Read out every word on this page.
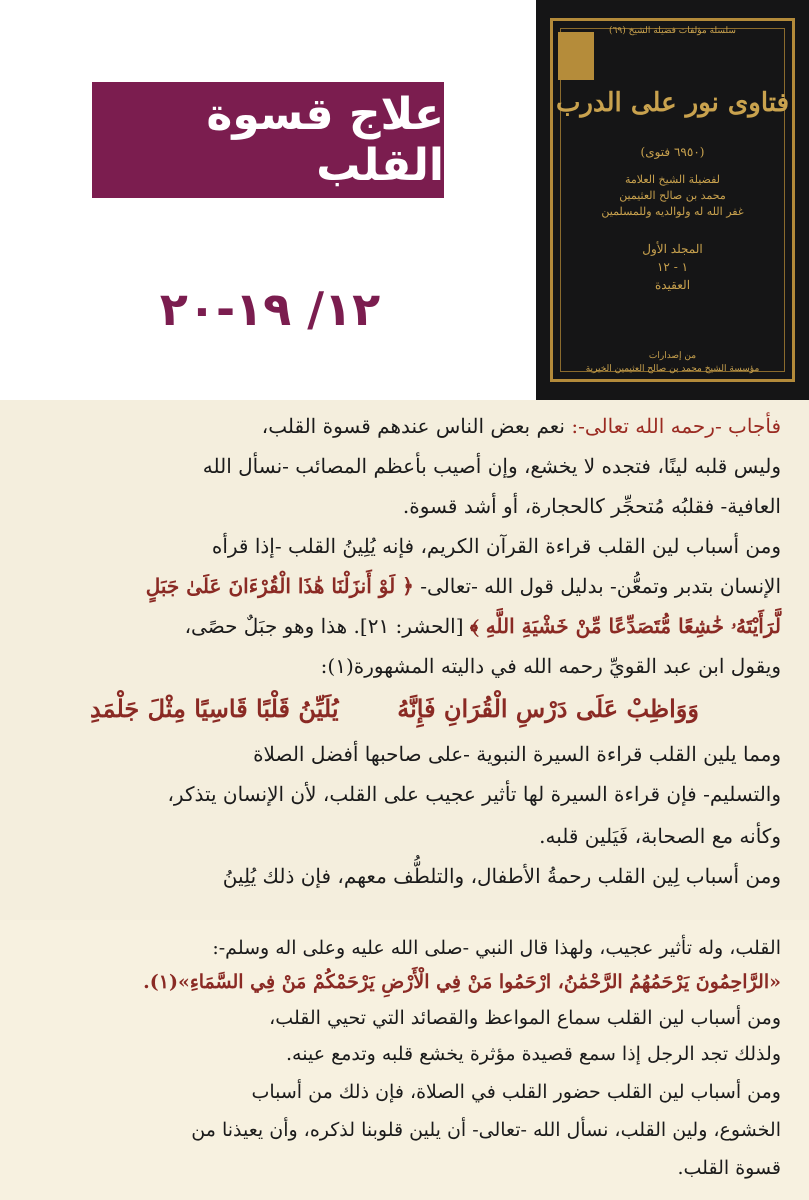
علاج قسوة القلب
١٢/ ١٩-٢٠
سلسلة مؤلفات فضيلة الشيخ (٦٩)
فتاوى نور على الدرب
(٦٩٥٠ فتوى)
لفضيلة الشيخ العلامة
محمد بن صالح العثيمين
غفر الله له ولوالديه وللمسلمين
المجلد الأول
١ - ١٢
العقيدة
من إصدارات
مؤسسة الشيخ محمد بن صالح العثيمين الخيرية
فأجاب -رحمه الله تعالى-: نعم بعض الناس عندهم قسوة القلب،
وليس قلبه لينًا، فتجده لا يخشع، وإن أصيب بأعظم المصائب -نسأل الله
العافية- فقلبُه مُتحجِّر كالحجارة، أو أشد قسوة.
ومن أسباب لين القلب قراءة القرآن الكريم، فإنه يُلِينُ القلب -إذا قرأه
الإنسان بتدبر وتمعُّن- بدليل قول الله -تعالى- ﴿ لَوْ أَنزَلْنَا هَٰذَا الْقُرْءَانَ عَلَىٰ جَبَلٍ
لَّرَأَيْتَهُۥ خَٰشِعًا مُّتَصَدِّعًا مِّنْ خَشْيَةِ اللَّهِ ﴾ [الحشر: ٢١]. هذا وهو جبَلٌ حصًى،
ويقول ابن عبد القويِّ رحمه الله في داليته المشهورة(١):
وَوَاظِبْ عَلَى دَرْسِ الْقُرَانِ فَإِنَّهُ
يُلَيِّنُ قَلْبًا قَاسِيًا مِثْلَ جَلْمَدِ
ومما يلين القلب قراءة السيرة النبوية -على صاحبها أفضل الصلاة
والتسليم- فإن قراءة السيرة لها تأثير عجيب على القلب، لأن الإنسان يتذكر،
وكأنه مع الصحابة، فَيَلين قلبه.
ومن أسباب لِين القلب رحمةُ الأطفال، والتلطُّف معهم، فإن ذلك يُلِينُ
القلب، وله تأثير عجيب، ولهذا قال النبي -صلى الله عليه وعلى اله وسلم-:
«الرَّاحِمُونَ يَرْحَمُهُمُ الرَّحْمَٰنُ، ارْحَمُوا مَنْ فِي الْأَرْضِ يَرْحَمْكُمْ مَنْ فِي السَّمَاءِ»(١).
ومن أسباب لين القلب سماع المواعظ والقصائد التي تحيي القلب،
ولذلك تجد الرجل إذا سمع قصيدة مؤثرة يخشع قلبه وتدمع عينه.
ومن أسباب لين القلب حضور القلب في الصلاة، فإن ذلك من أسباب
الخشوع، ولين القلب، نسأل الله -تعالى- أن يلين قلوبنا لذكره، وأن يعيذنا من
قسوة القلب.
